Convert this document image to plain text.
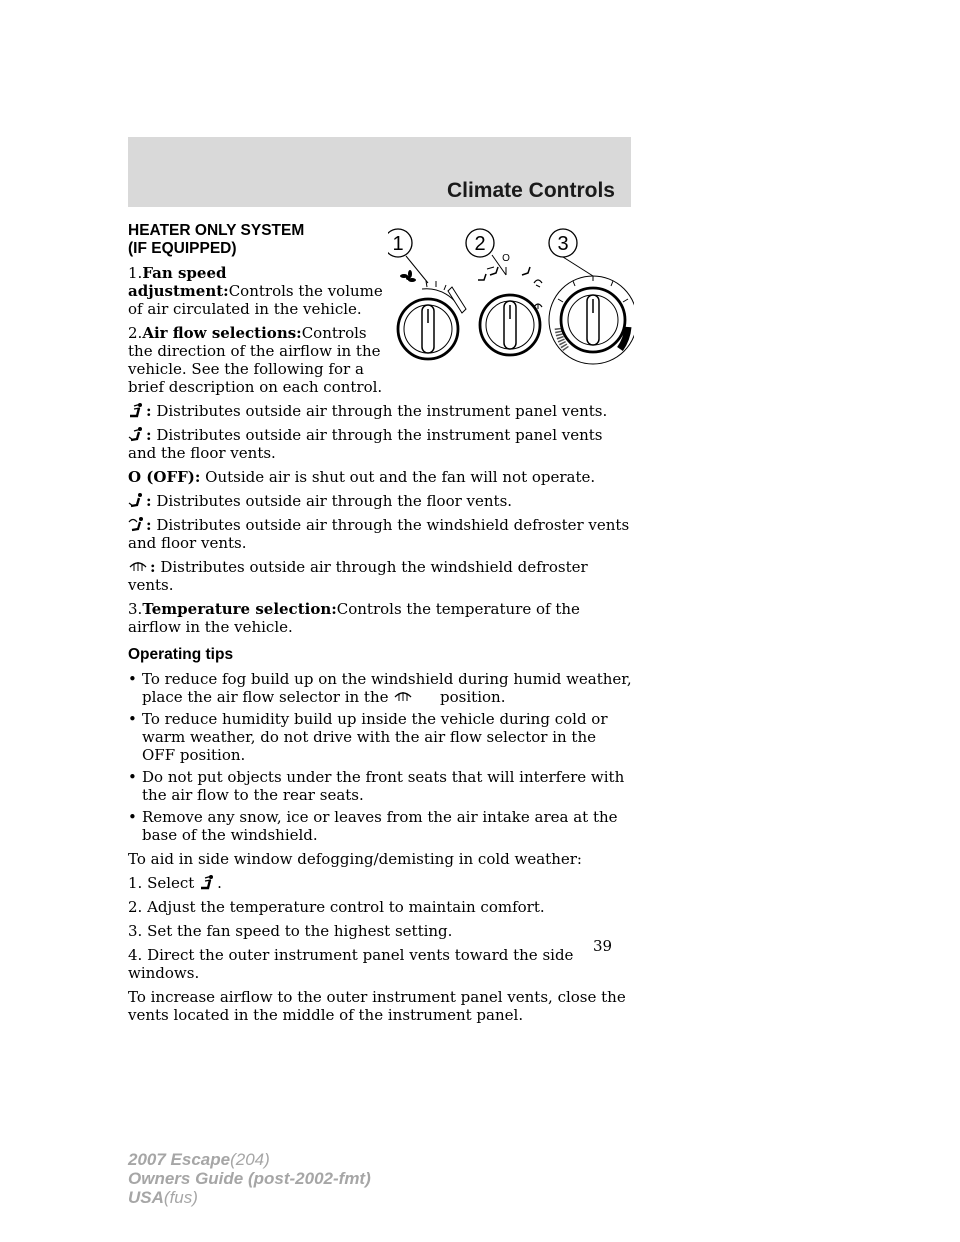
Climate Controls
1	2	3
O
HEATER ONLY SYSTEM
(IF EQUIPPED)

1.Fan speed adjustment:Controls the volume of air circulated in the vehicle.

2.Air flow selections:Controls the direction of the airflow in the vehicle. See the following for a brief description on each control.

: Distributes outside air through the instrument panel vents.

: Distributes outside air through the instrument panel vents and the floor vents.

O (OFF): Outside air is shut out and the fan will not operate.

: Distributes outside air through the floor vents.

: Distributes outside air through the windshield defroster vents and floor vents.

: Distributes outside air through the windshield defroster vents.

3.Temperature selection:Controls the temperature of the airflow in the vehicle.

Operating tips
• To reduce fog build up on the windshield during humid weather, place the air flow selector in the	position.
• To reduce humidity build up inside the vehicle during cold or warm weather, do not drive with the air flow selector in the OFF position.
• Do not put objects under the front seats that will interfere with the air flow to the rear seats.
• Remove any snow, ice or leaves from the air intake area at the base of the windshield.

To aid in side window defogging/demisting in cold weather:

1. Select .

2. Adjust the temperature control to maintain comfort.

3. Set the fan speed to the highest setting.

4. Direct the outer instrument panel vents toward the side windows.

To increase airflow to the outer instrument panel vents, close the vents located in the middle of the instrument panel.

39
2007 Escape(204)
Owners Guide (post-2002-fmt)
USA(fus)
